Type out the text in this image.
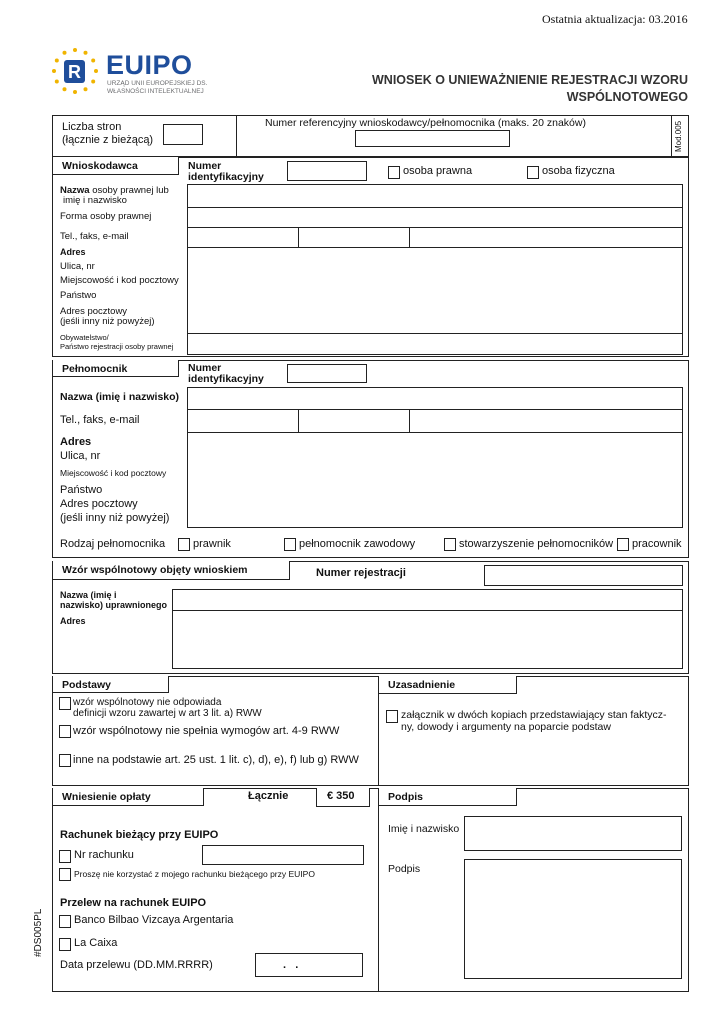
Ostatnia aktualizacja: 03.2016
R EUIPO
URZĄD UNII EUROPEJSKIEJ DS.
WŁASNOŚCI INTELEKTUALNEJ
WNIOSEK O UNIEWAŻNIENIE REJESTRACJI WZORU
WSPÓLNOTOWEGO
Liczba stron
(łącznie z bieżącą)
Numer referencyjny wnioskodawcy/pełnomocnika (maks. 20 znaków)	Mod.005
Wnioskodawca	Numer
identyfikacyjny	osoba prawna	osoba fizyczna
Nazwa osoby prawnej lub
imię i nazwisko
Forma osoby prawnej
Tel., faks, e-mail
Adres
Ulica, nr
Miejscowość i kod pocztowy
Państwo
Adres pocztowy
(jeśli inny niż powyżej)
Obywatelstwo/
Państwo rejestracji osoby prawnej
Pełnomocnik	Numer
identyfikacyjny
Nazwa (imię i nazwisko)
Tel., faks, e-mail
Adres
Ulica, nr
Miejscowość i kod pocztowy
Państwo
Adres pocztowy
(jeśli inny niż powyżej)
Rodzaj pełnomocnika	prawnik	pełnomocnik zawodowy	stowarzyszenie pełnomocników pracownik
Wzór wspólnotowy objęty wnioskiem	Numer rejestracji
Nazwa (imię i
nazwisko) uprawnionego
Adres
Podstawy	Uzasadnienie
wzór wspólnotowy nie odpowiada
definicji wzoru zawartej w art 3 lit. a) RWW
wzór wspólnotowy nie spełnia wymogów art. 4-9 RWW
inne na podstawie art. 25 ust. 1 lit. c), d), e), f) lub g) RWW
załącznik w dwóch kopiach przedstawiający stan faktycz-
ny, dowody i argumenty na poparcie podstaw
Wniesienie opłaty	Łącznie	€ 350	Podpis
Rachunek bieżący przy EUIPO
Nr rachunku
Proszę nie korzystać z mojego rachunku bieżącego przy EUIPO
Przelew na rachunek EUIPO
Banco Bilbao Vizcaya Argentaria
La Caixa
Data przelewu (DD.MM.RRRR)	.   .
Imię i nazwisko
Podpis
#DS005PL
